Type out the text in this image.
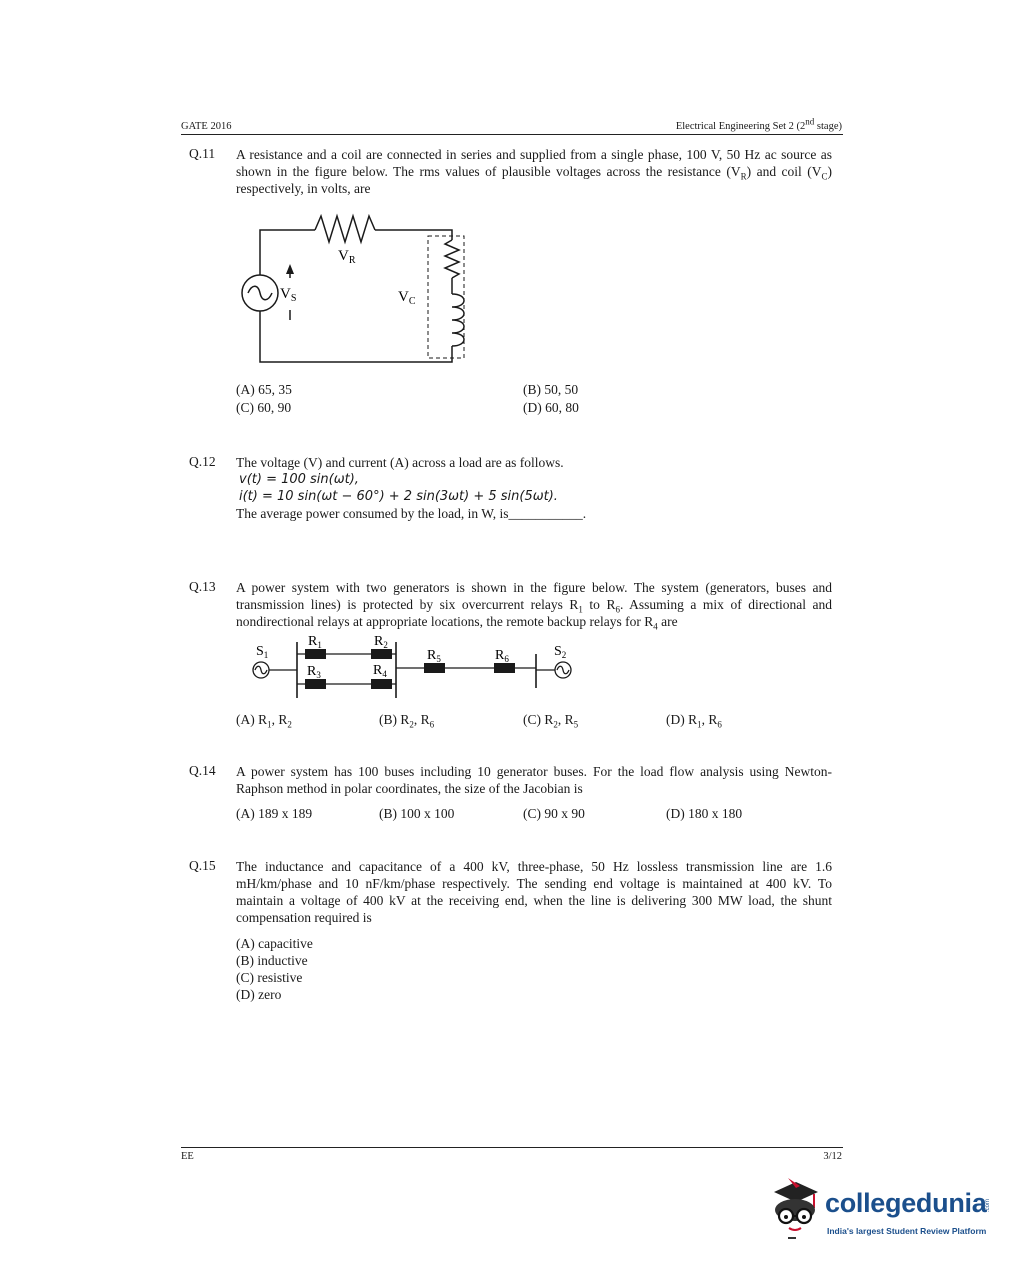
GATE 2016	Electrical Engineering Set 2 (2nd stage)
Q.11 A resistance and a coil are connected in series and supplied from a single phase, 100 V, 50 Hz ac source as shown in the figure below. The rms values of plausible voltages across the resistance $(V_R)$ and coil $(V_C)$ respectively, in volts, are
$V_R$
$V_S$	$V_C$
(A) 65, 35	(B) 50, 50
(C) 60, 90	(D) 60, 80
Q.12 The voltage (V) and current (A) across a load are as follows.
v(t) = 100 sin(ωt),
i(t) = 10 sin(ωt − 60°) + 2 sin(3ωt) + 5 sin(5ωt).
The average power consumed by the load, in W, is___________.
Q.13 A power system with two generators is shown in the figure below. The system (generators, buses and transmission lines) is protected by six overcurrent relays $R_1$ to $R_6$. Assuming a mix of directional and nondirectional relays at appropriate locations, the remote backup relays for $R_4$ are
$S_1$	$S_2$
$R_1$	$R_2$
$R_3$	$R_4$
$R_5$	$R_6$
(A) $R_1$, $R_2$	(B) $R_2$, $R_6$	(C) $R_2$, $R_5$	(D) $R_1$, $R_6$
Q.14 A power system has 100 buses including 10 generator buses. For the load flow analysis using Newton-Raphson method in polar coordinates, the size of the Jacobian is
(A) 189 x 189	(B) 100 x 100	(C) 90 x 90	(D) 180 x 180
Q.15 The inductance and capacitance of a 400 kV, three-phase, 50 Hz lossless transmission line are 1.6 mH/km/phase and 10 nF/km/phase respectively. The sending end voltage is maintained at 400 kV. To maintain a voltage of 400 kV at the receiving end, when the line is delivering 300 MW load, the shunt compensation required is
(A) capacitive
(B) inductive
(C) resistive
(D) zero
EE	3/12
collegedunia
.com
India's largest Student Review Platform
